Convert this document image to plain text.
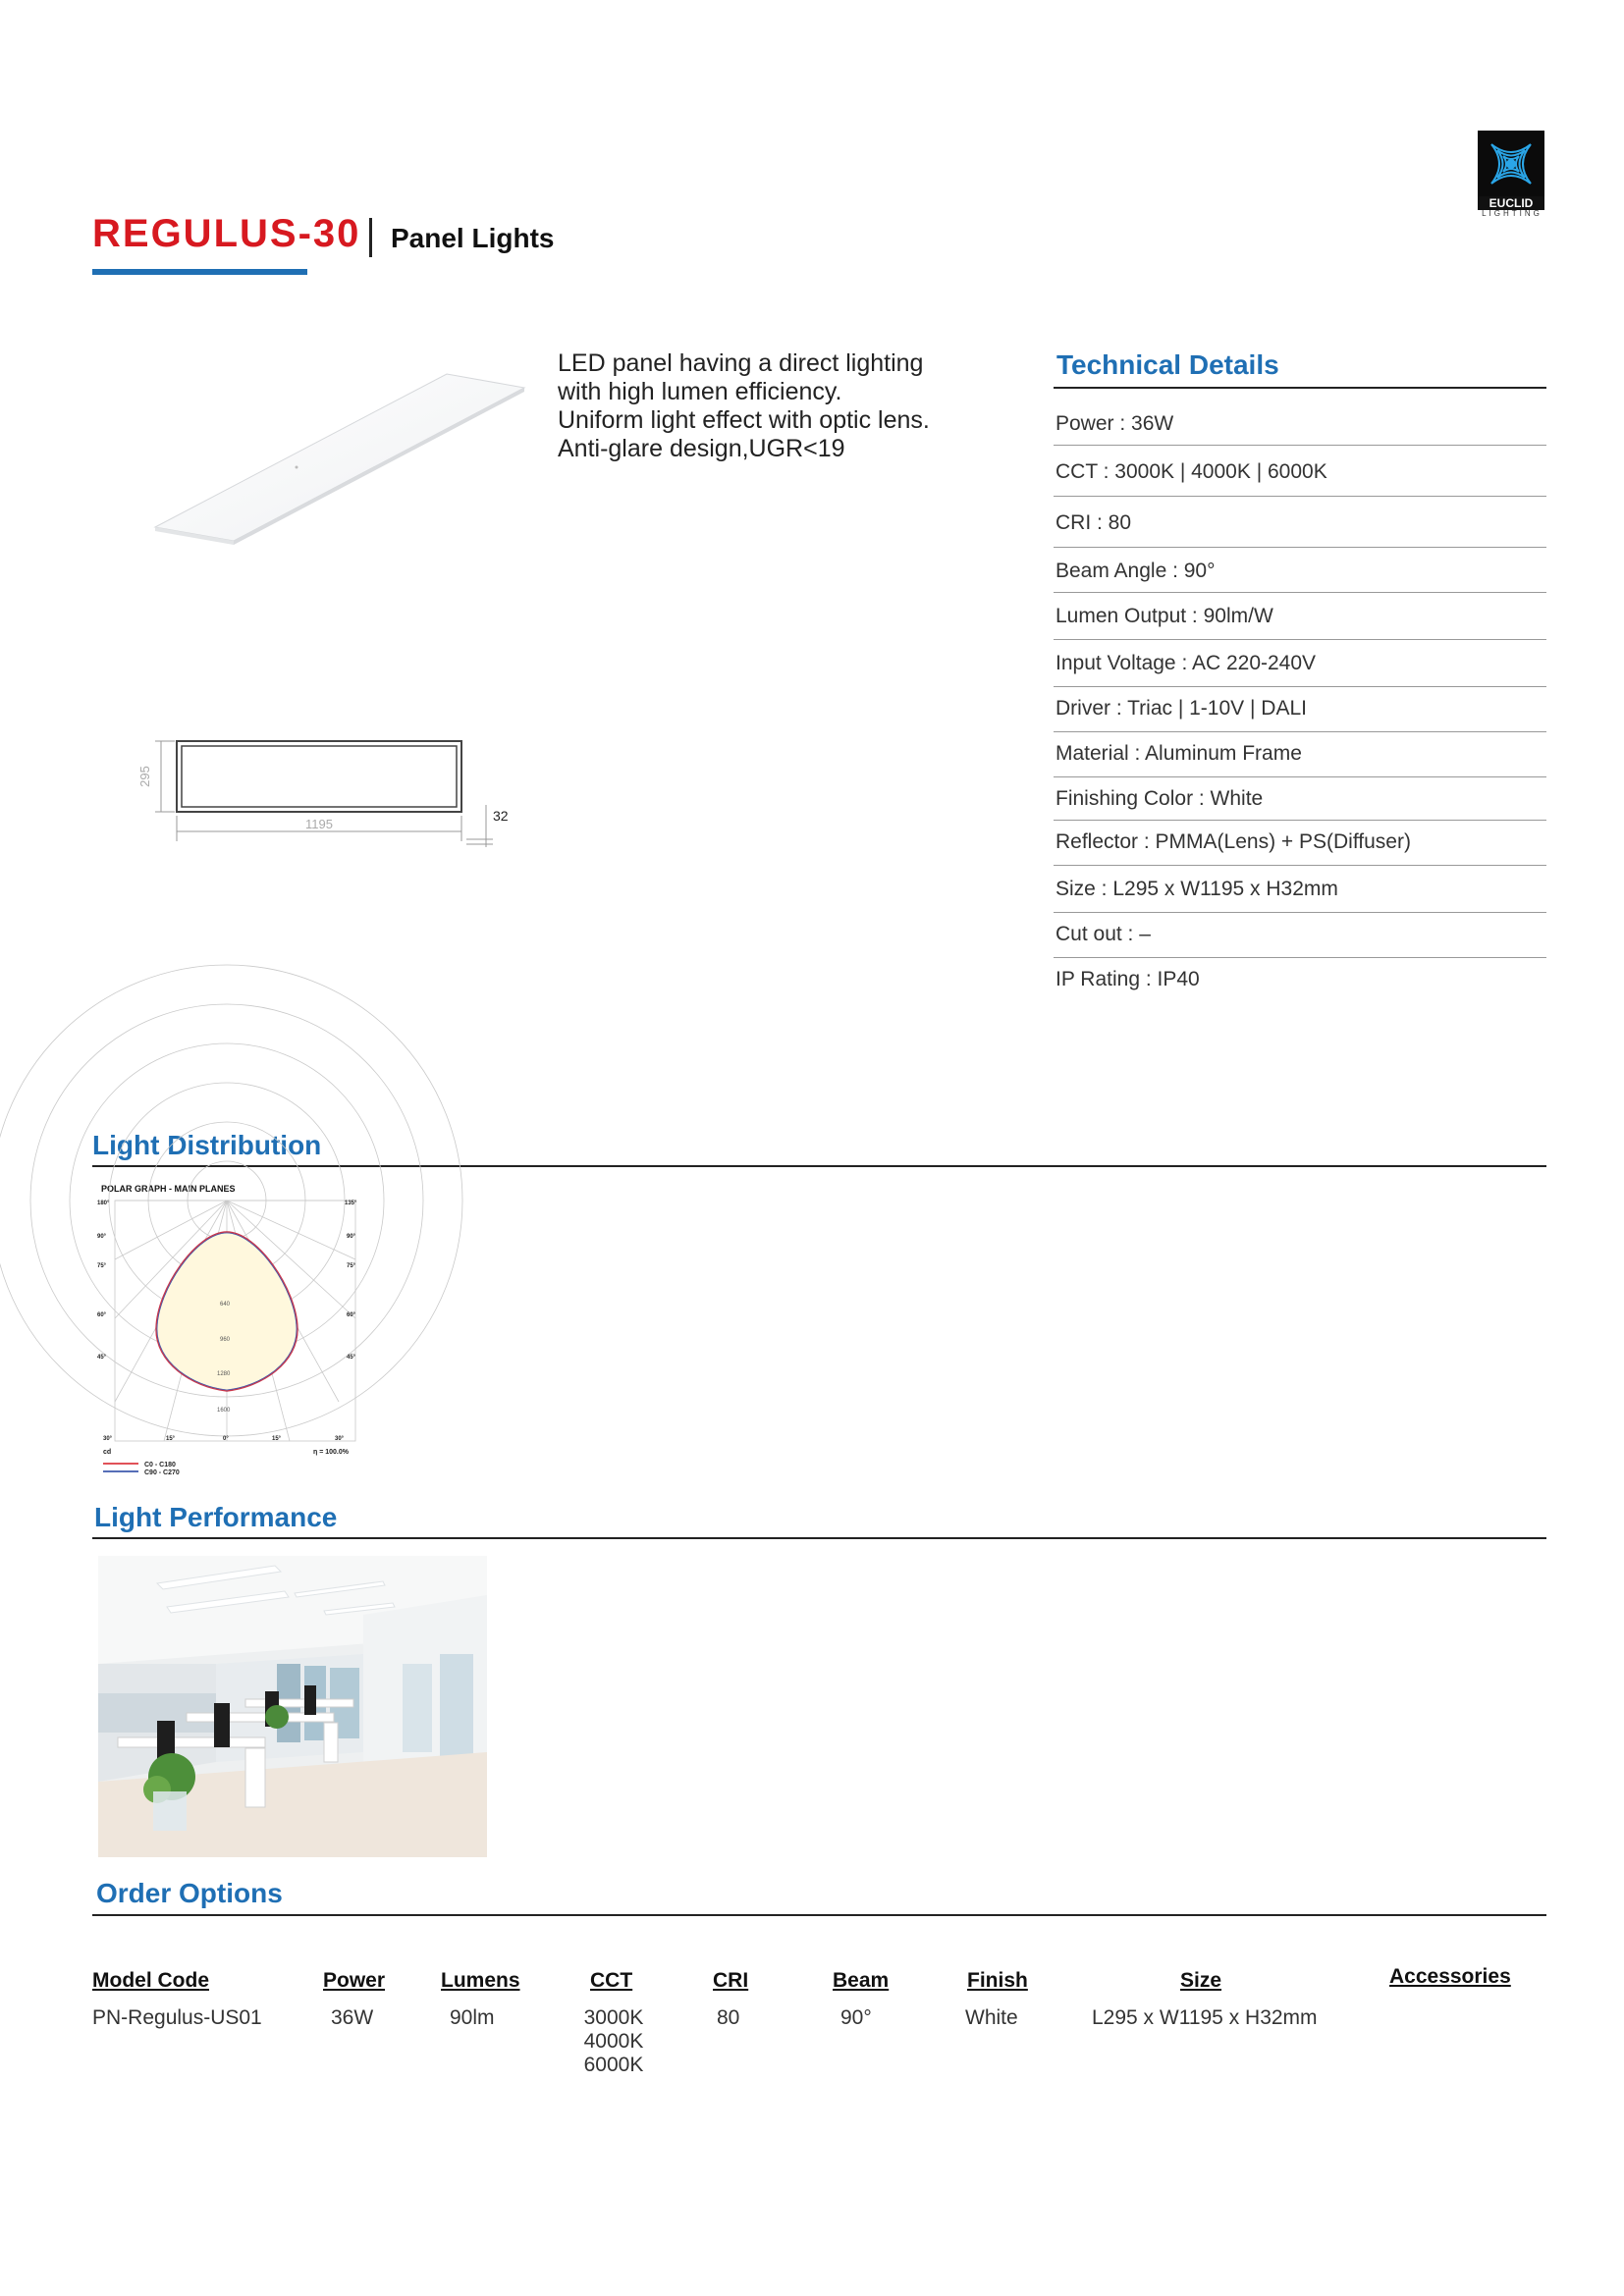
EUCLID
LIGHTING
REGULUS-30 Panel Lights
295
1195
32
LED panel having a direct lighting
with high lumen efficiency.
Uniform light effect with optic lens.
Anti-glare design,UGR<19
Technical Details
Power : 36W
CCT : 3000K | 4000K | 6000K
CRI : 80
Beam Angle : 90°
Lumen Output : 90lm/W
Input Voltage : AC 220-240V
Driver : Triac | 1-10V | DALI
Material : Aluminum Frame
Finishing Color : White
Reflector : PMMA(Lens) + PS(Diffuser)
Size : L295 x W1195 x H32mm
Cut out : –
IP Rating : IP40
Light Distribution
POLAR GRAPH - MAIN PLANES
180°
90°
75°
60°
45°
135°
90°
75°
60°
45°
30°	15°	0°	15°	30°
640
960
1280
1600
cd	η = 100.0%
C0 - C180
C90 - C270
Light Performance
Order Options
Model Code	Power	Lumens	CCT	CRI	Beam	Finish	Size	Accessories
PN-Regulus-US01	36W	90lm	3000K
4000K
6000K
80	90°	White	L295 x W1195 x H32mm
